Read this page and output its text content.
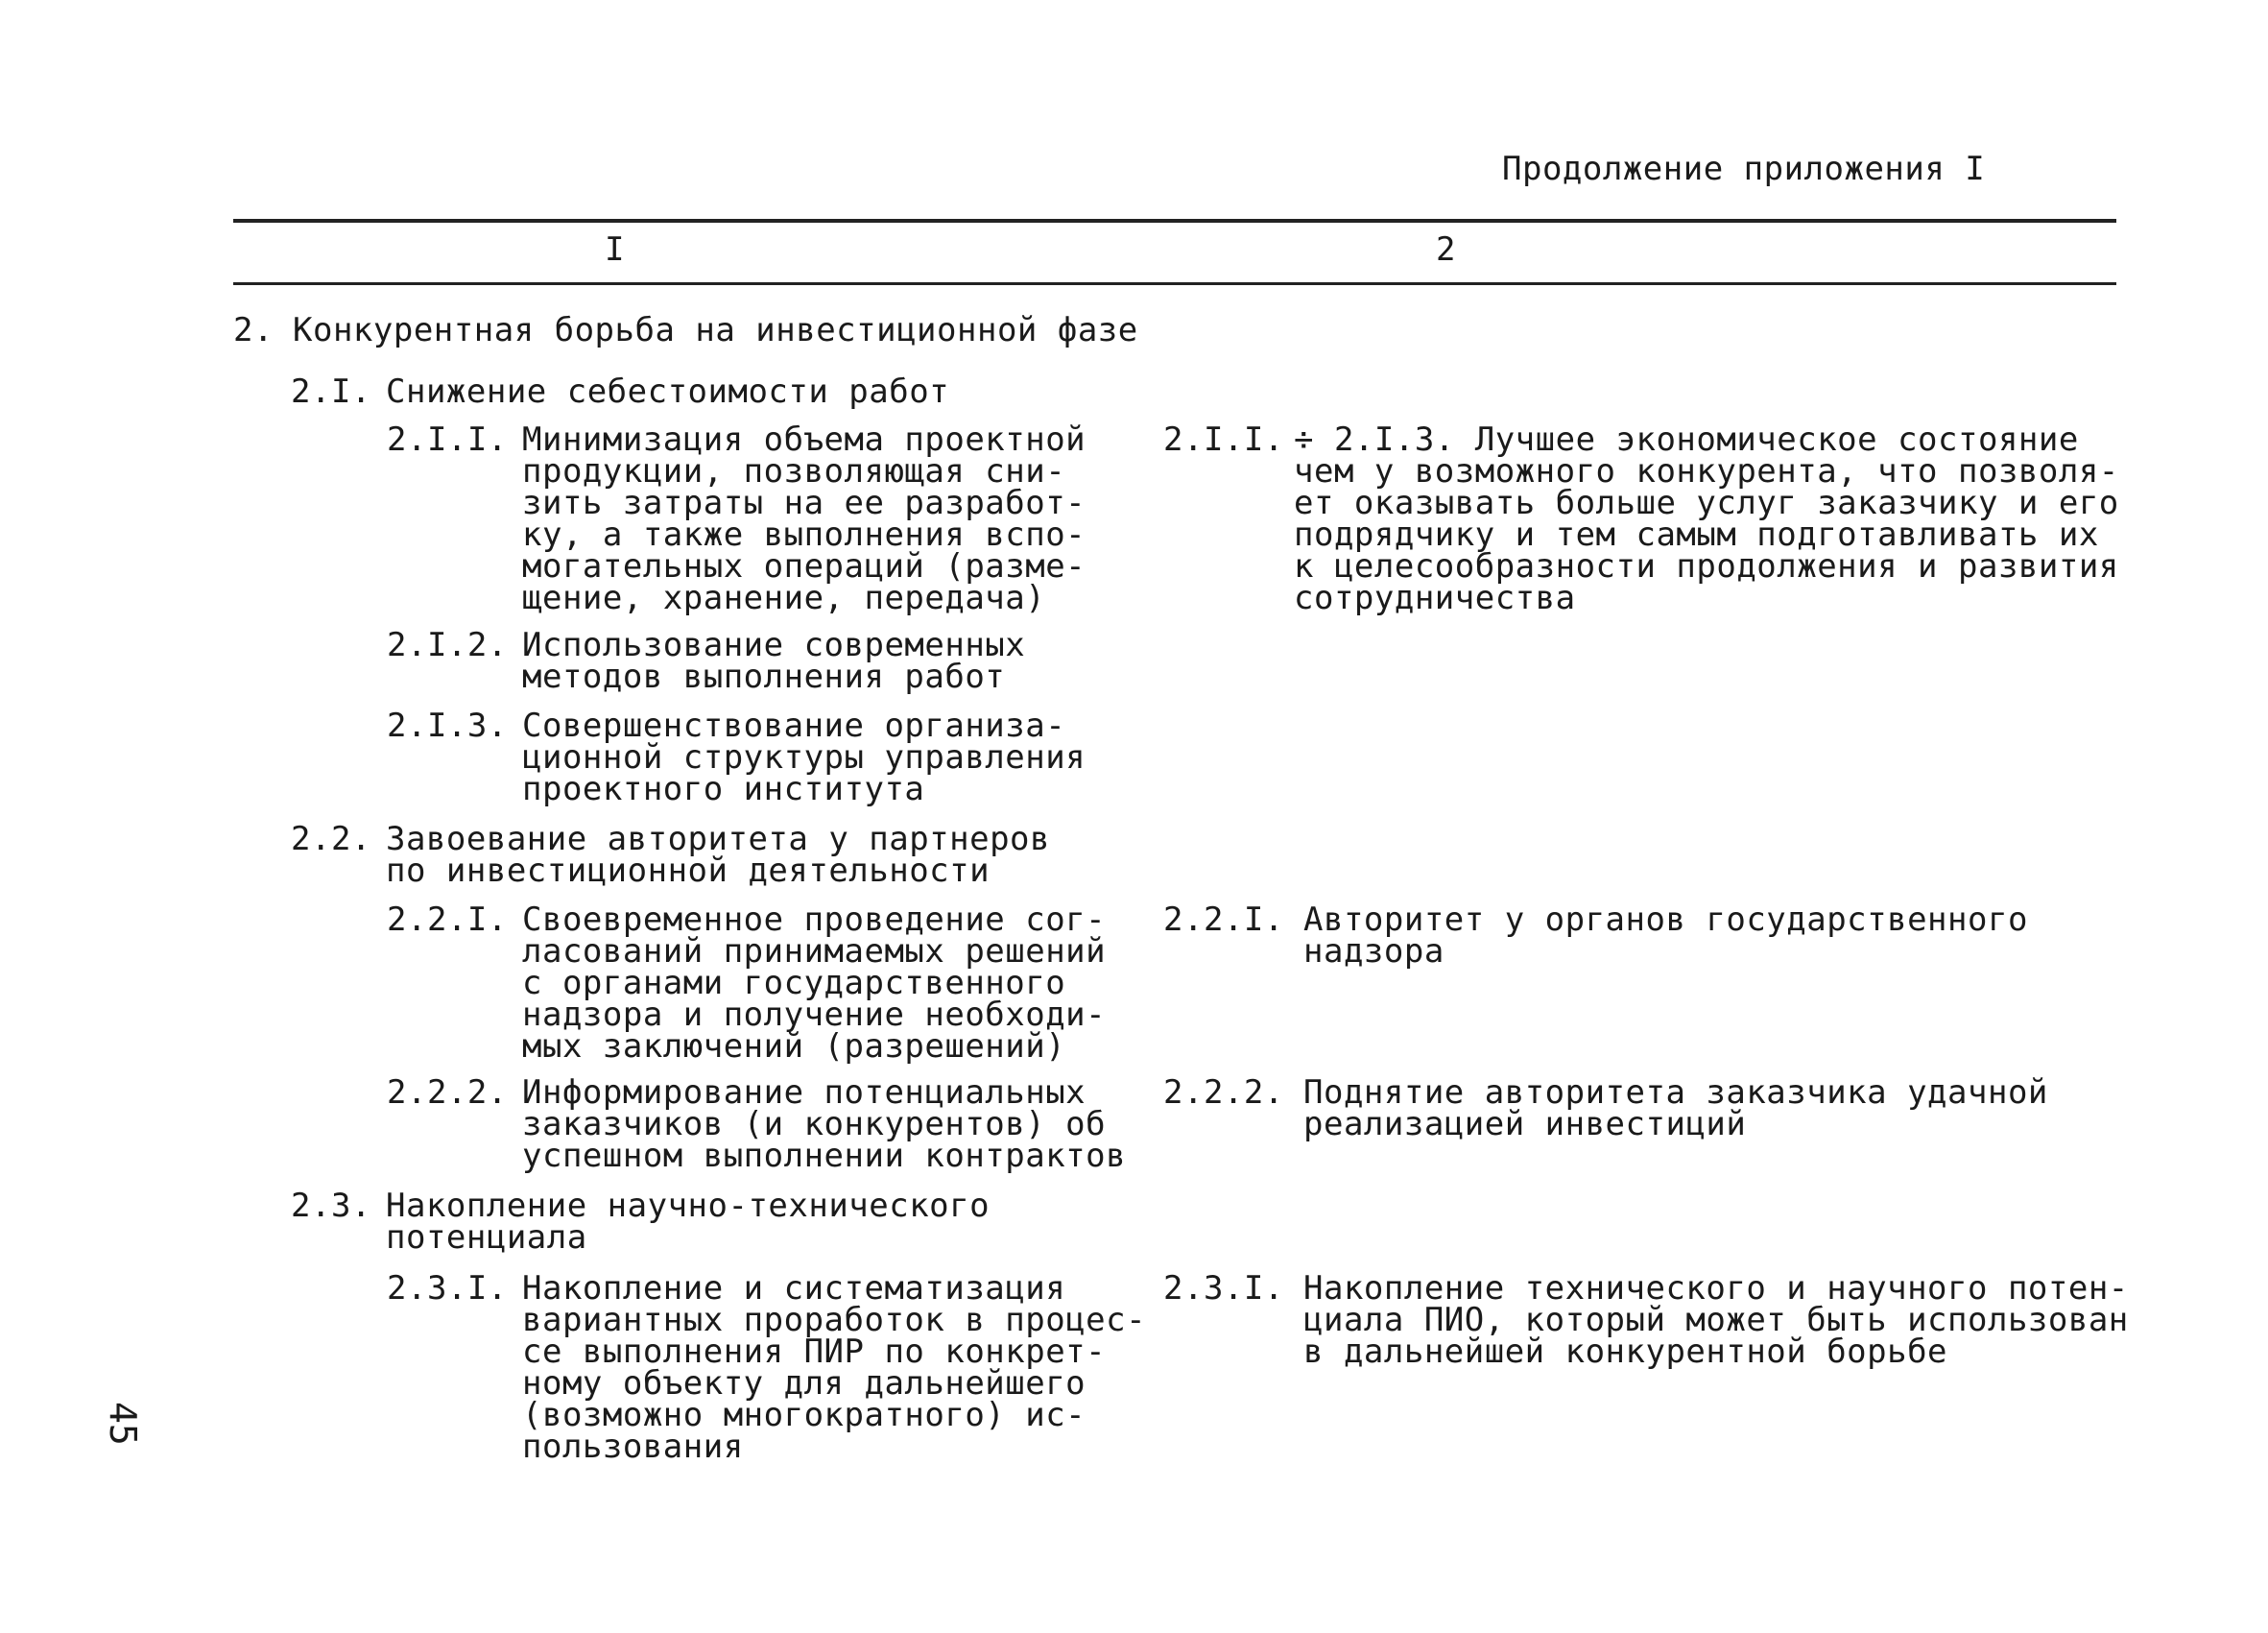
Продолжение приложения I
I	2
2. Конкурентная борьба на инвестиционной фазе
2.I. Снижение себестоимости работ
2.I.I. Минимизация объема проектной
продукции, позволяющая сни-
зить затраты на ее разработ-
ку, а также выполнения вспо-
могательных операций (разме-
щение, хранение, передача)
2.I.I. ÷ 2.I.3. Лучшее экономическое состояние
чем у возможного конкурента, что позволя-
ет оказывать больше услуг заказчику и его
подрядчику и тем самым подготавливать их
к целесообразности продолжения и развития
сотрудничества
2.I.2. Использование современных
методов выполнения работ
2.I.3. Совершенствование организа-
ционной структуры управления
проектного института
2.2. Завоевание авторитета у партнеров
по инвестиционной деятельности
2.2.I. Своевременное проведение сог-
ласований принимаемых решений
с органами государственного
надзора и получение необходи-
мых заключений (разрешений)
2.2.I. Авторитет у органов государственного
надзора
2.2.2. Информирование потенциальных
заказчиков (и конкурентов) об
успешном выполнении контрактов
2.2.2. Поднятие авторитета заказчика удачной
реализацией инвестиций
2.3. Накопление научно-технического
потенциала
2.3.I. Накопление и систематизация
вариантных проработок в процес-
се выполнения ПИР по конкрет-
ному объекту для дальнейшего
(возможно многократного) ис-
пользования
2.3.I. Накопление технического и научного потен-
циала ПИО, который может быть использован
в дальнейшей конкурентной борьбе
45
